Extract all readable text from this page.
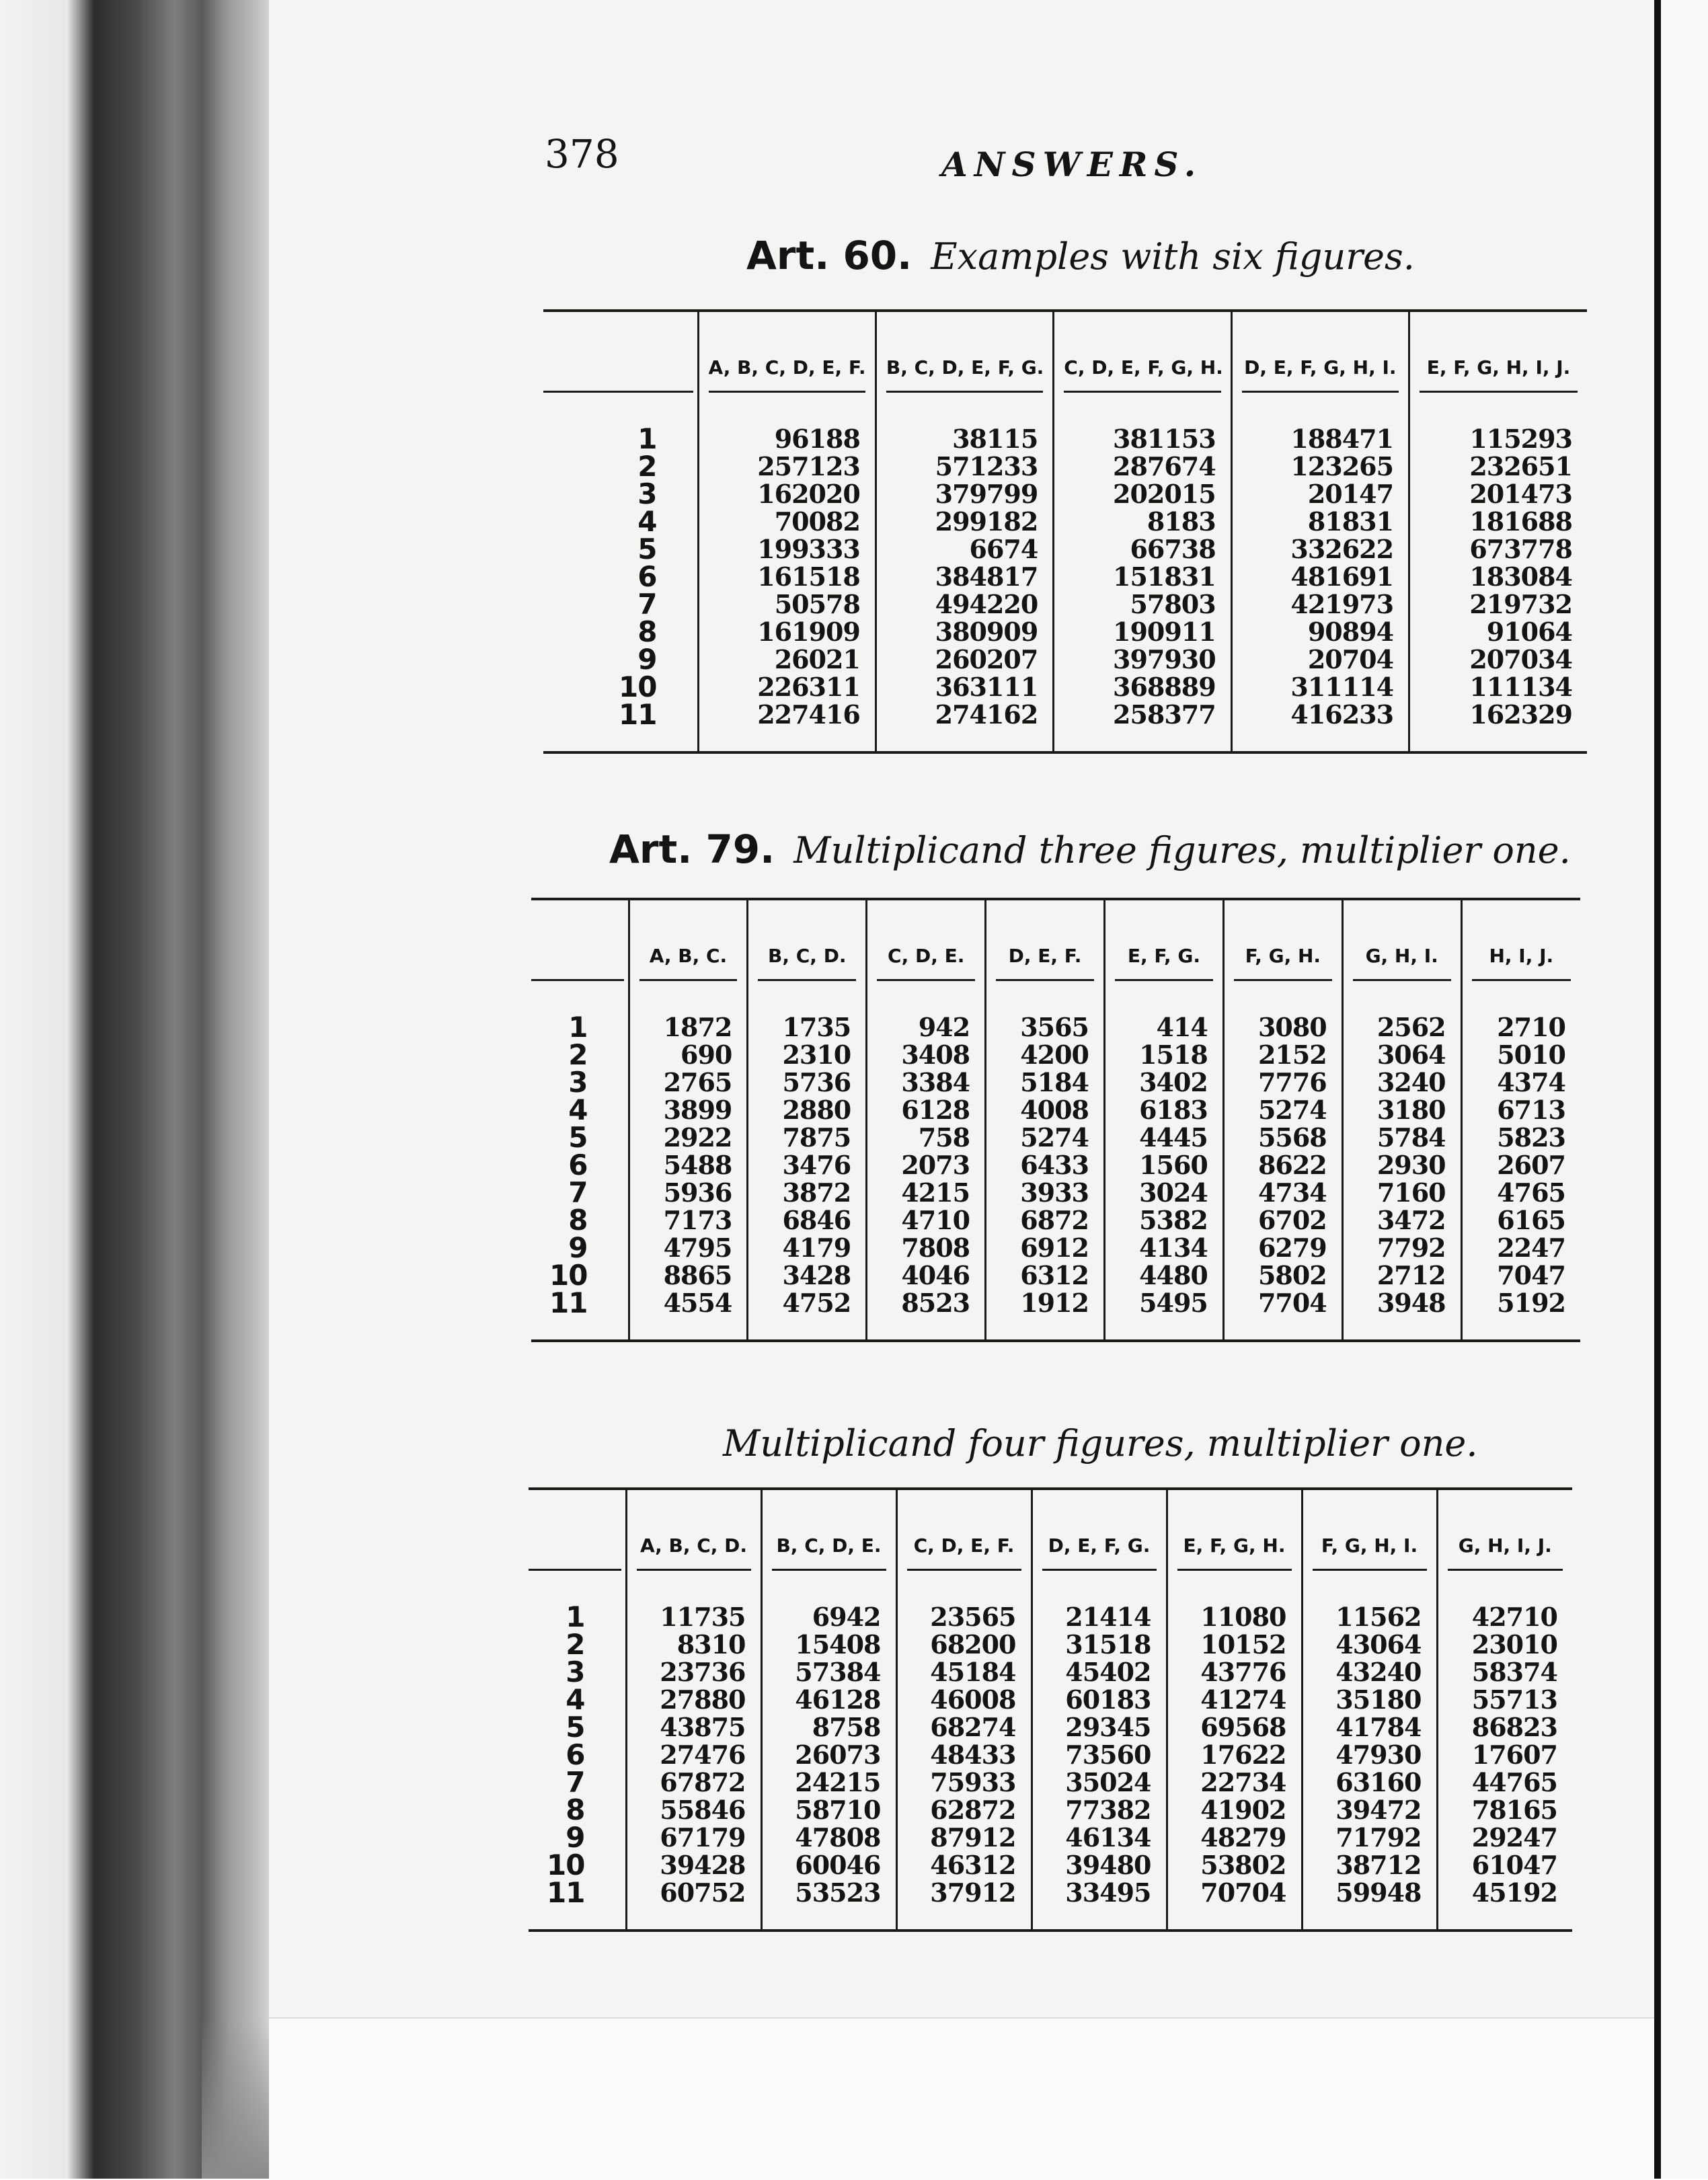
378	ANSWERS.
Art. 60. Examples with six figures.

	A, B, C, D, E, F.	B, C, D, E, F, G.	C, D, E, F, G, H.	D, E, F, G, H, I.	E, F, G, H, I, J.

1	96188	38115	381153	188471	115293
2	257123	571233	287674	123265	232651
3	162020	379799	202015	20147	201473
4	70082	299182	8183	81831	181688
5	199333	6674	66738	332622	673778
6	161518	384817	151831	481691	183084
7	50578	494220	57803	421973	219732
8	161909	380909	190911	90894	91064
9	26021	260207	397930	20704	207034
10	226311	363111	368889	311114	111134
11	227416	274162	258377	416233	162329
Art. 79. Multiplicand three figures, multiplier one.

	A, B, C.	B, C, D.	C, D, E.	D, E, F.	E, F, G.	F, G, H.	G, H, I.	H, I, J.

1	1872	1735	942	3565	414	3080	2562	2710
2	690	2310	3408	4200	1518	2152	3064	5010
3	2765	5736	3384	5184	3402	7776	3240	4374
4	3899	2880	6128	4008	6183	5274	3180	6713
5	2922	7875	758	5274	4445	5568	5784	5823
6	5488	3476	2073	6433	1560	8622	2930	2607
7	5936	3872	4215	3933	3024	4734	7160	4765
8	7173	6846	4710	6872	5382	6702	3472	6165
9	4795	4179	7808	6912	4134	6279	7792	2247
10	8865	3428	4046	6312	4480	5802	2712	7047
11	4554	4752	8523	1912	5495	7704	3948	5192
Multiplicand four figures, multiplier one.

	A, B, C, D.	B, C, D, E.	C, D, E, F.	D, E, F, G.	E, F, G, H.	F, G, H, I.	G, H, I, J.

1	11735	6942	23565	21414	11080	11562	42710
2	8310	15408	68200	31518	10152	43064	23010
3	23736	57384	45184	45402	43776	43240	58374
4	27880	46128	46008	60183	41274	35180	55713
5	43875	8758	68274	29345	69568	41784	86823
6	27476	26073	48433	73560	17622	47930	17607
7	67872	24215	75933	35024	22734	63160	44765
8	55846	58710	62872	77382	41902	39472	78165
9	67179	47808	87912	46134	48279	71792	29247
10	39428	60046	46312	39480	53802	38712	61047
11	60752	53523	37912	33495	70704	59948	45192
